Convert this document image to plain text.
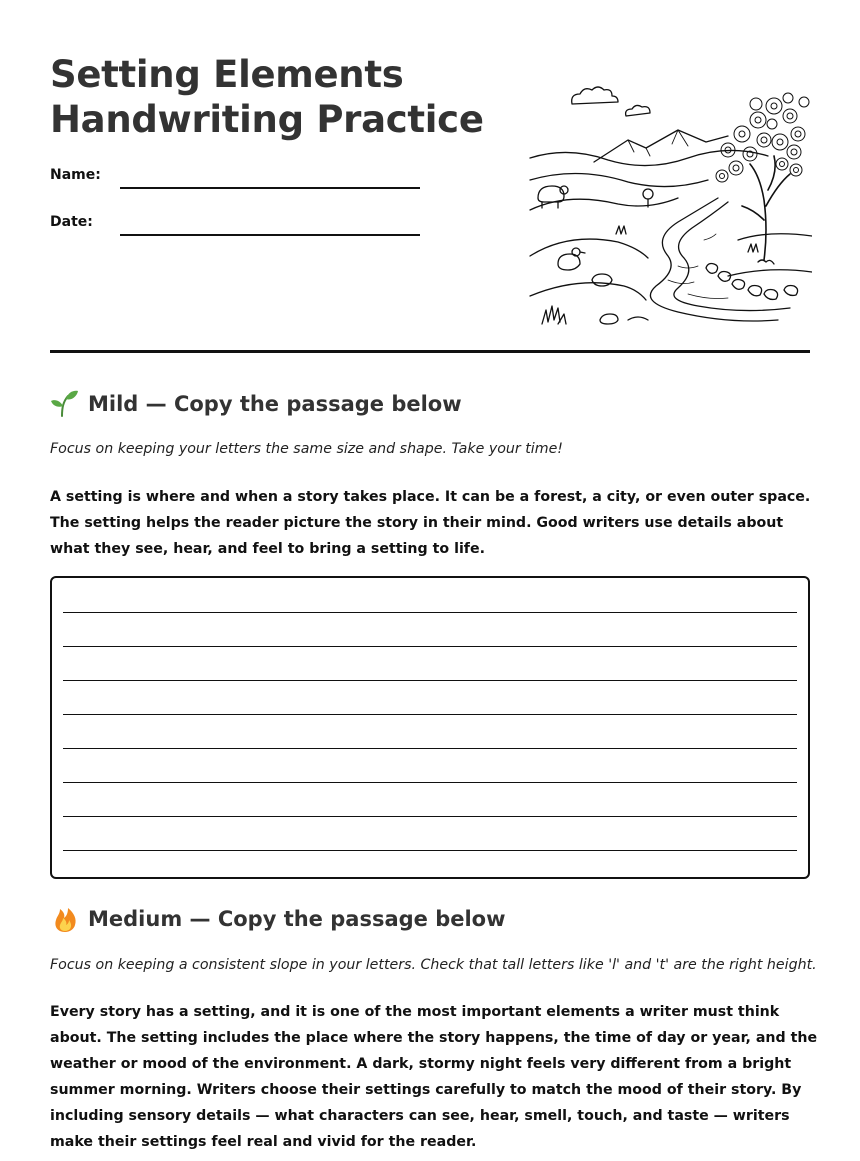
Setting Elements
Handwriting Practice
Name:
Date:
Mild — Copy the passage below
Focus on keeping your letters the same size and shape. Take your time!
A setting is where and when a story takes place. It can be a forest, a city, or even outer space. The setting helps the reader picture the story in their mind. Good writers use details about what they see, hear, and feel to bring a setting to life.
Medium — Copy the passage below
Focus on keeping a consistent slope in your letters. Check that tall letters like 'l' and 't' are the right height.
Every story has a setting, and it is one of the most important elements a writer must think about. The setting includes the place where the story happens, the time of day or year, and the weather or mood of the environment. A dark, stormy night feels very different from a bright summer morning. Writers choose their settings carefully to match the mood of their story. By including sensory details — what characters can see, hear, smell, touch, and taste — writers make their settings feel real and vivid for the reader.
